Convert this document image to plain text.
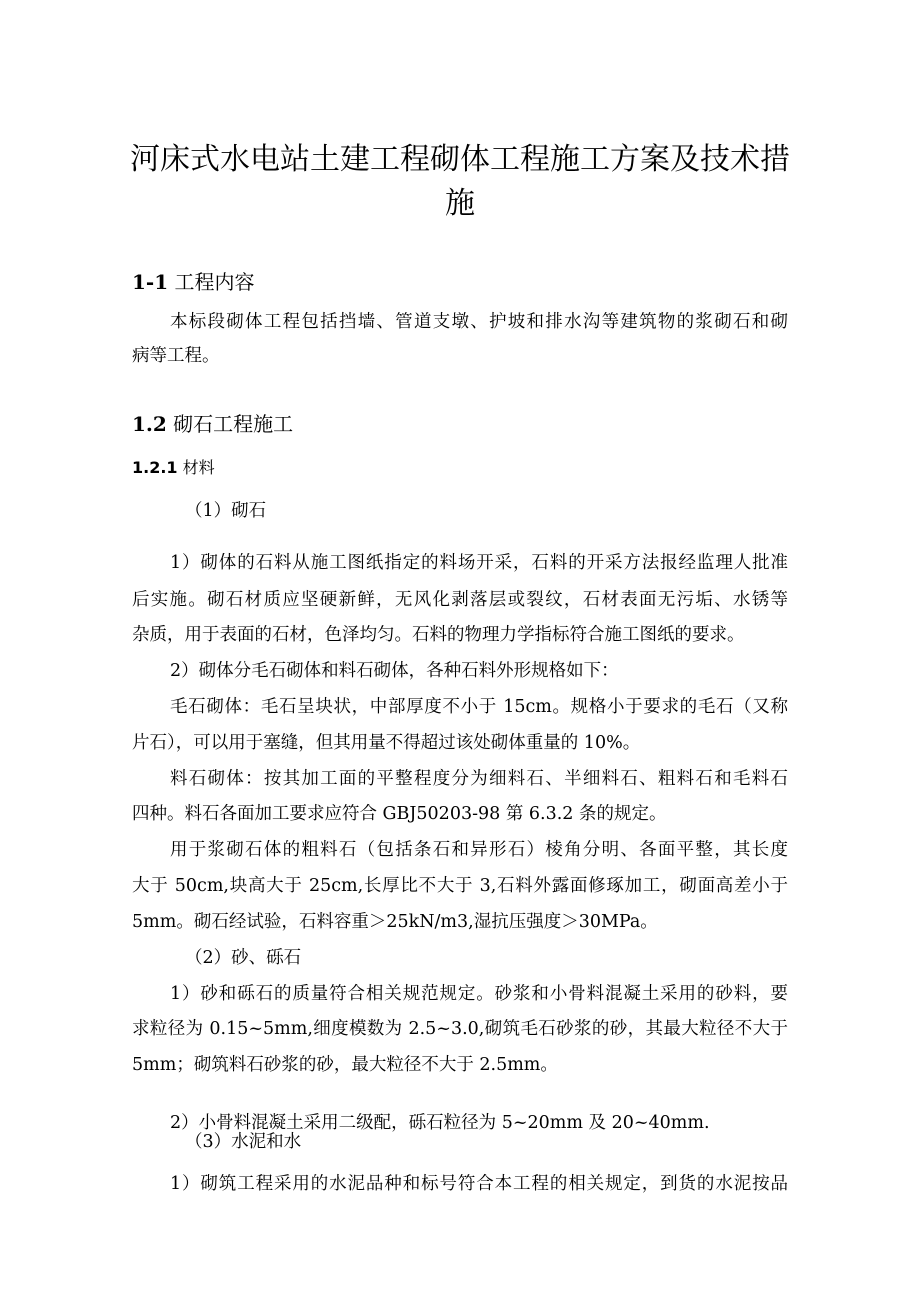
河床式水电站土建工程砌体工程施工方案及技术措
施
1-1 工程内容
本标段砌体工程包括挡墙、管道支墩、护坡和排水沟等建筑物的浆砌石和砌
病等工程。
1.2 砌石工程施工
1.2.1 材料
（1）砌石
1）砌体的石料从施工图纸指定的料场开采，石料的开采方法报经监理人批准
后实施。砌石材质应坚硬新鲜，无风化剥落层或裂纹，石材表面无污垢、水锈等
杂质，用于表面的石材，色泽均匀。石料的物理力学指标符合施工图纸的要求。
2）砌体分毛石砌体和料石砌体，各种石料外形规格如下：
毛石砌体：毛石呈块状，中部厚度不小于 15cm。规格小于要求的毛石（又称
片石），可以用于塞缝，但其用量不得超过该处砌体重量的 10%。
料石砌体：按其加工面的平整程度分为细料石、半细料石、粗料石和毛料石
四种。料石各面加工要求应符合 GBJ50203-98 第 6.3.2 条的规定。
用于浆砌石体的粗料石（包括条石和异形石）棱角分明、各面平整，其长度
大于 50cm,块高大于 25cm,长厚比不大于 3,石料外露面修琢加工，砌面高差小于
5mm。砌石经试验，石料容重＞25kN/m3,湿抗压强度＞30MPa。
（2）砂、砾石
1）砂和砾石的质量符合相关规范规定。砂浆和小骨料混凝土采用的砂料，要
求粒径为 0.15~5mm,细度模数为 2.5~3.0,砌筑毛石砂浆的砂，其最大粒径不大于
5mm；砌筑料石砂浆的砂，最大粒径不大于 2.5mm。
2）小骨料混凝土采用二级配，砾石粒径为 5~20mm 及 20~40mm.
（3）水泥和水
1）砌筑工程采用的水泥品种和标号符合本工程的相关规定，到货的水泥按品
